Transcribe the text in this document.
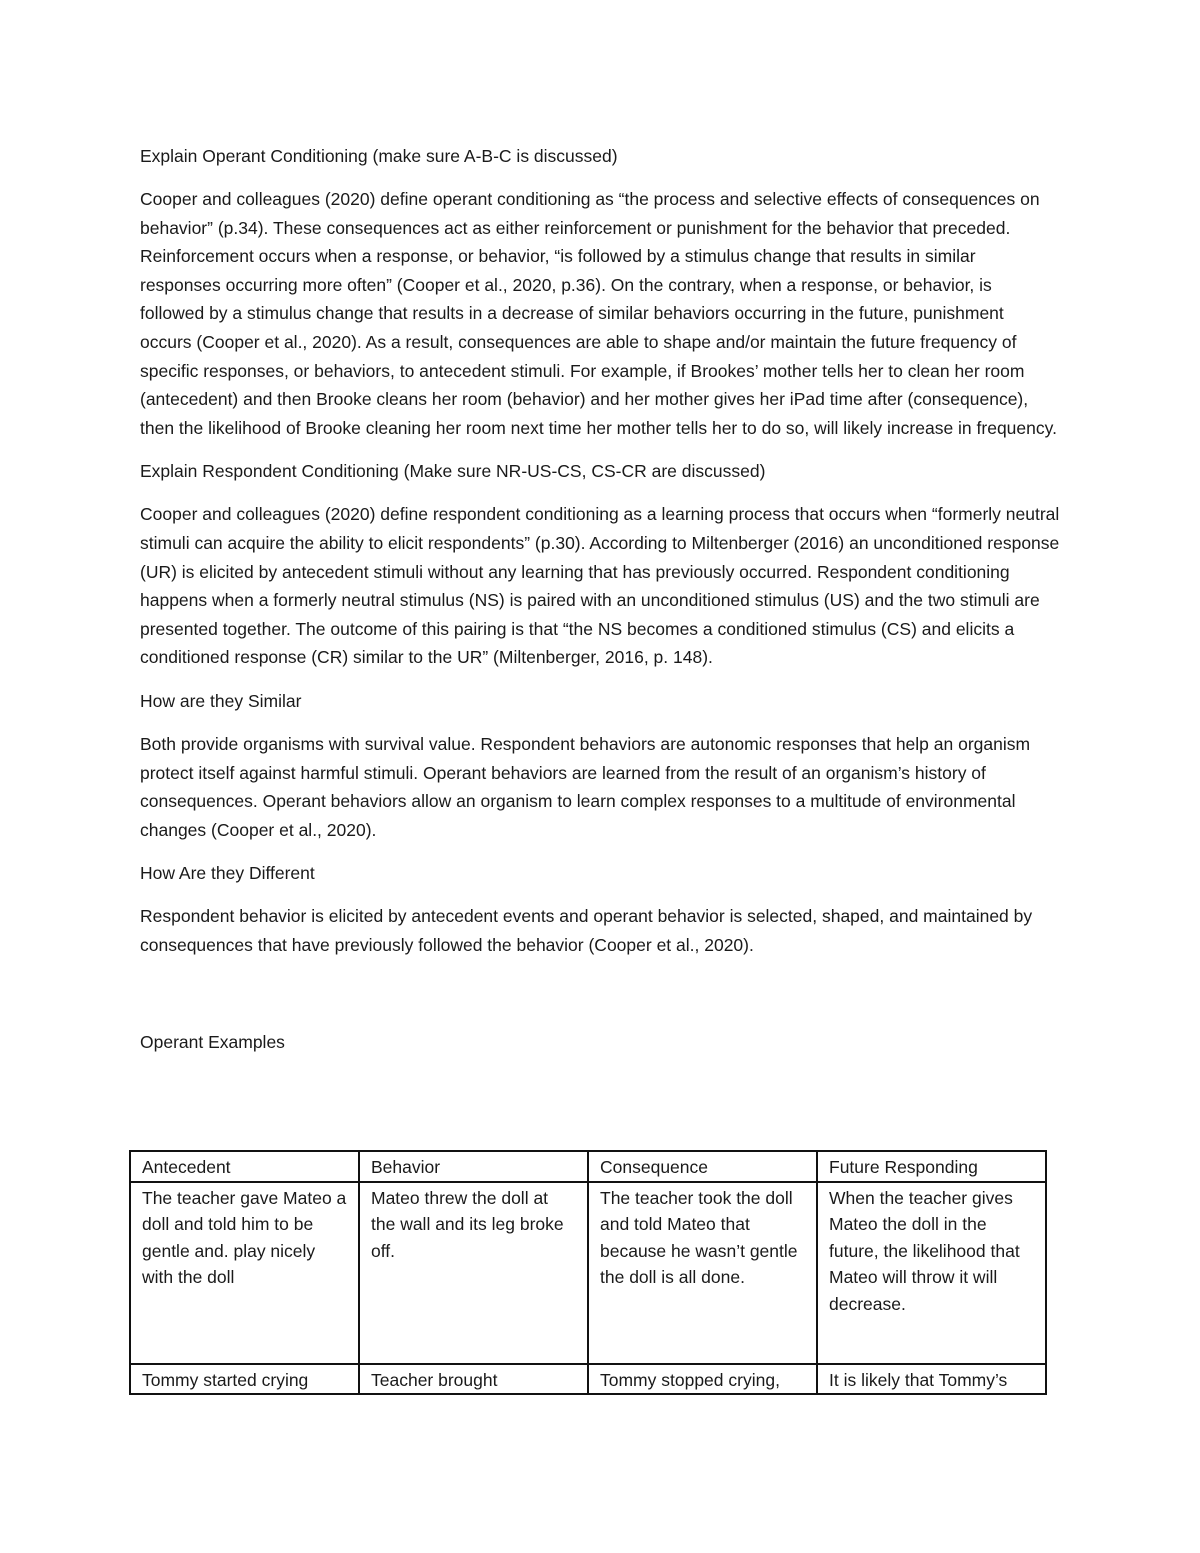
Explain Operant Conditioning (make sure A-B-C is discussed)

Cooper and colleagues (2020) define operant conditioning as “the process and selective effects of consequences on behavior” (p.34). These consequences act as either reinforcement or punishment for the behavior that preceded. Reinforcement occurs when a response, or behavior, “is followed by a stimulus change that results in similar responses occurring more often” (Cooper et al., 2020, p.36). On the contrary, when a response, or behavior, is followed by a stimulus change that results in a decrease of similar behaviors occurring in the future, punishment occurs (Cooper et al., 2020). As a result, consequences are able to shape and/or maintain the future frequency of specific responses, or behaviors, to antecedent stimuli. For example, if Brookes’ mother tells her to clean her room (antecedent) and then Brooke cleans her room (behavior) and her mother gives her iPad time after (consequence), then the likelihood of Brooke cleaning her room next time her mother tells her to do so, will likely increase in frequency.

Explain Respondent Conditioning (Make sure NR-US-CS, CS-CR are discussed)

Cooper and colleagues (2020) define respondent conditioning as a learning process that occurs when “formerly neutral stimuli can acquire the ability to elicit respondents” (p.30). According to Miltenberger (2016) an unconditioned response (UR) is elicited by antecedent stimuli without any learning that has previously occurred. Respondent conditioning happens when a formerly neutral stimulus (NS) is paired with an unconditioned stimulus (US) and the two stimuli are presented together. The outcome of this pairing is that “the NS becomes a conditioned stimulus (CS) and elicits a conditioned response (CR) similar to the UR” (Miltenberger, 2016, p. 148).

How are they Similar

Both provide organisms with survival value. Respondent behaviors are autonomic responses that help an organism protect itself against harmful stimuli. Operant behaviors are learned from the result of an organism’s history of consequences. Operant behaviors allow an organism to learn complex responses to a multitude of environmental changes (Cooper et al., 2020).

How Are they Different

Respondent behavior is elicited by antecedent events and operant behavior is selected, shaped, and maintained by consequences that have previously followed the behavior (Cooper et al., 2020).

Operant Examples

Antecedent	Behavior	Consequence	Future Responding
The teacher gave Mateo a doll and told him to be gentle and. play nicely with the doll	Mateo threw the doll at the wall and its leg broke off.	The teacher took the doll and told Mateo that because he wasn’t gentle the doll is all done.	When the teacher gives Mateo the doll in the future, the likelihood that Mateo will throw it will decrease.
Tommy started crying	Teacher brought	Tommy stopped crying,	It is likely that Tommy’s
